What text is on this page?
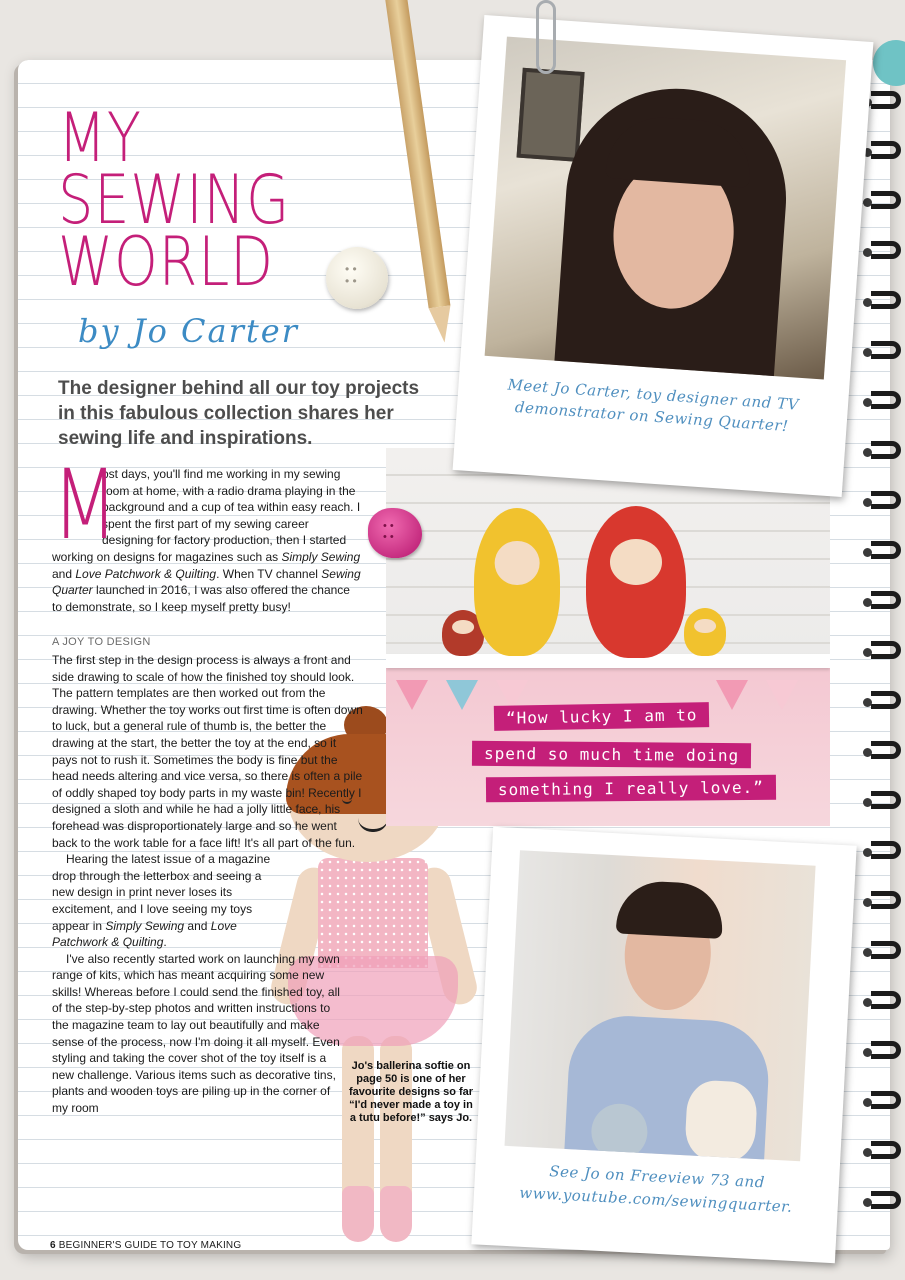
MY SEWING
WORLD
by Jo Carter
The designer behind all our toy projects in this fabulous collection shares her sewing life and inspirations.
• • • •
M
ost days, you'll find me working in my sewing room at home, with a radio drama playing in the background and a cup of tea within easy reach. I spent the first part of my sewing career designing for factory production, then I started working on designs for magazines such as Simply Sewing and Love Patchwork & Quilting. When TV channel Sewing Quarter launched in 2016, I was also offered the chance to demonstrate, so I keep myself pretty busy!
A JOY TO DESIGN

The first step in the design process is always a front and side drawing to scale of how the finished toy should look. The pattern templates are then worked out from the drawing. Whether the toy works out first time is often down to luck, but a general rule of thumb is, the better the drawing at the start, the better the toy at the end, so it pays not to rush it. Sometimes the body is fine but the head needs altering and vice versa, so there is often a pile of oddly shaped toy body parts in my waste bin! Recently I designed a sloth and while he had a jolly little face, his forehead was disproportionately large and so he went back to the work table for a face lift! It's all part of the fun.

Hearing the latest issue of a magazine drop through the letterbox and seeing a new design in print never loses its excitement, and I love seeing my toys appear in Simply Sewing and Love Patchwork & Quilting.

I've also recently started work on launching my own range of kits, which has meant acquiring some new skills! Whereas before I could send the finished toy, all of the step-by-step photos and written instructions to the magazine team to lay out beautifully and make sense of the process, now I'm doing it all myself. Even styling and taking the cover shot of the toy itself is a new challenge. Various items such as decorative tins, plants and wooden toys are piling up in the corner of my room

Jo's ballerina softie on page 50 is one of her favourite designs so far “I'd never made a toy in a tutu before!” says Jo.
• • • •
“How lucky I am to
spend so much time doing
something I really love.”
Meet Jo Carter, toy designer and TV demonstrator on Sewing Quarter!
See Jo on Freeview 73 and
www.youtube.com/sewingquarter.
6 BEGINNER'S GUIDE TO TOY MAKING
